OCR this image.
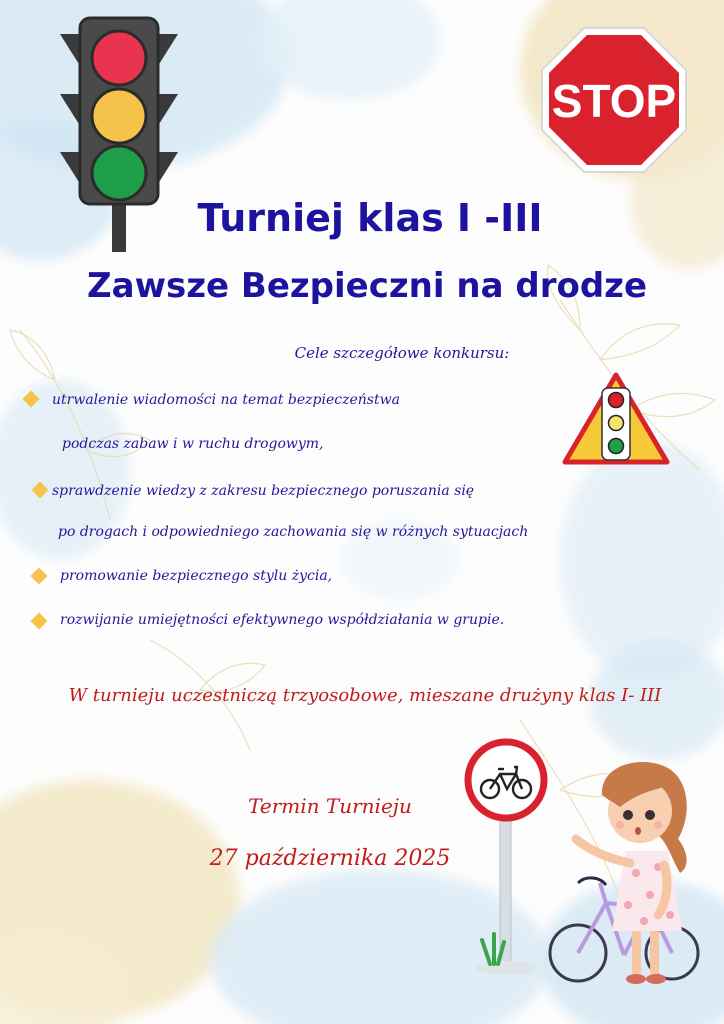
STOP
Turniej klas I -III
Zawsze Bezpieczni na drodze
Cele szczegółowe konkursu:
utrwalenie wiadomości na temat bezpieczeństwa
podczas zabaw i w ruchu drogowym,
sprawdzenie wiedzy z zakresu bezpiecznego poruszania się
po drogach i odpowiedniego zachowania się w różnych sytuacjach
promowanie bezpiecznego stylu życia,
rozwijanie umiejętności efektywnego współdziałania w grupie.
W turnieju uczestniczą trzyosobowe, mieszane drużyny klas I- III
Termin Turnieju
27 października 2025
